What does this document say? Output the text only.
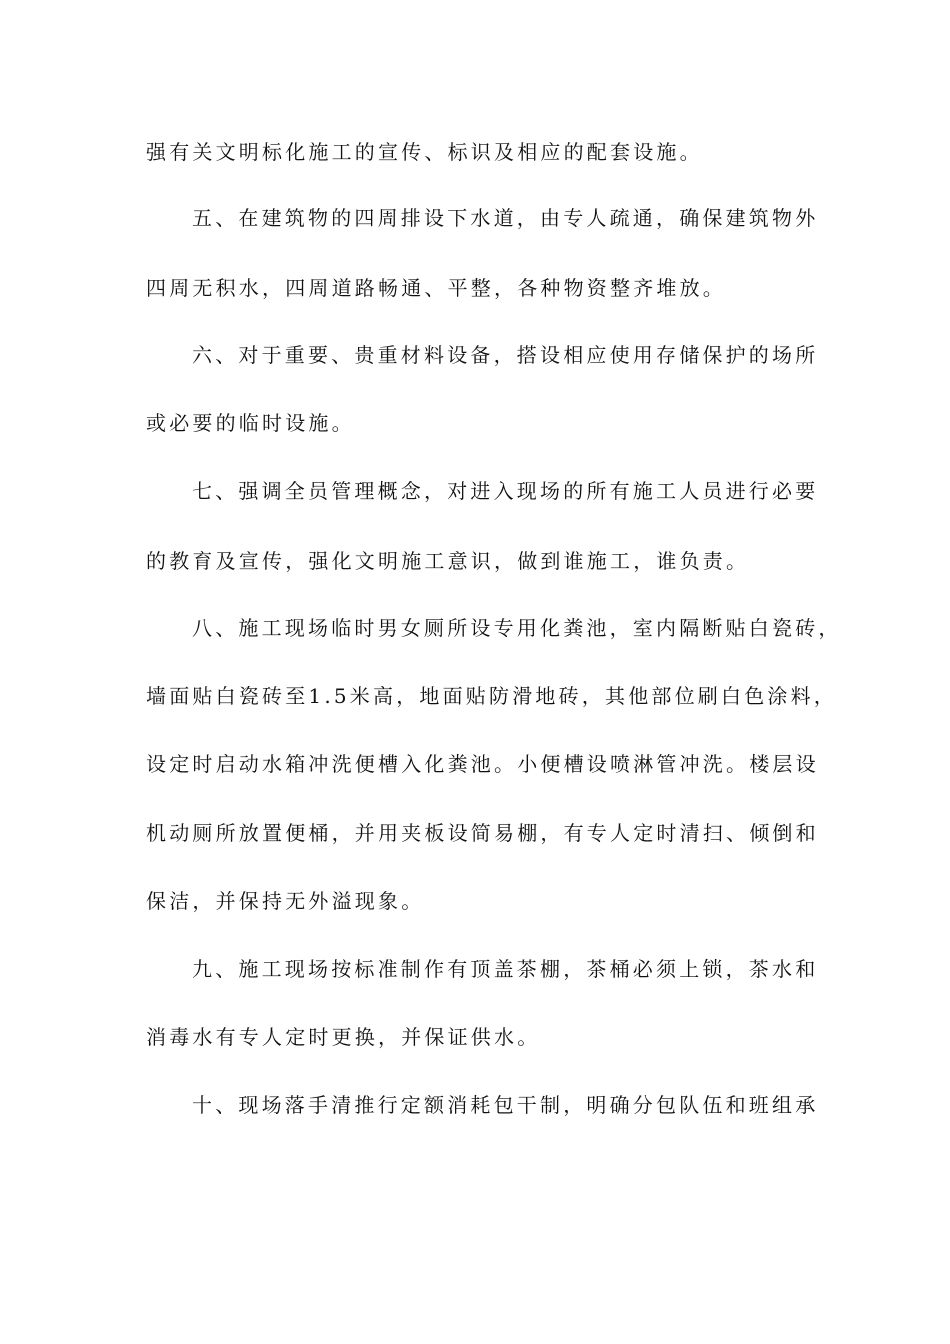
强有关文明标化施工的宣传、标识及相应的配套设施。
五、在建筑物的四周排设下水道，由专人疏通，确保建筑物外
四周无积水，四周道路畅通、平整，各种物资整齐堆放。
六、对于重要、贵重材料设备，搭设相应使用存储保护的场所
或必要的临时设施。
七、强调全员管理概念，对进入现场的所有施工人员进行必要
的教育及宣传，强化文明施工意识，做到谁施工，谁负责。
八、施工现场临时男女厕所设专用化粪池，室内隔断贴白瓷砖，
墙面贴白瓷砖至1.5米高，地面贴防滑地砖，其他部位刷白色涂料，
设定时启动水箱冲洗便槽入化粪池。小便槽设喷淋管冲洗。楼层设
机动厕所放置便桶，并用夹板设简易棚，有专人定时清扫、倾倒和
保洁，并保持无外溢现象。
九、施工现场按标准制作有顶盖茶棚，茶桶必须上锁，茶水和
消毒水有专人定时更换，并保证供水。
十、现场落手清推行定额消耗包干制，明确分包队伍和班组承
